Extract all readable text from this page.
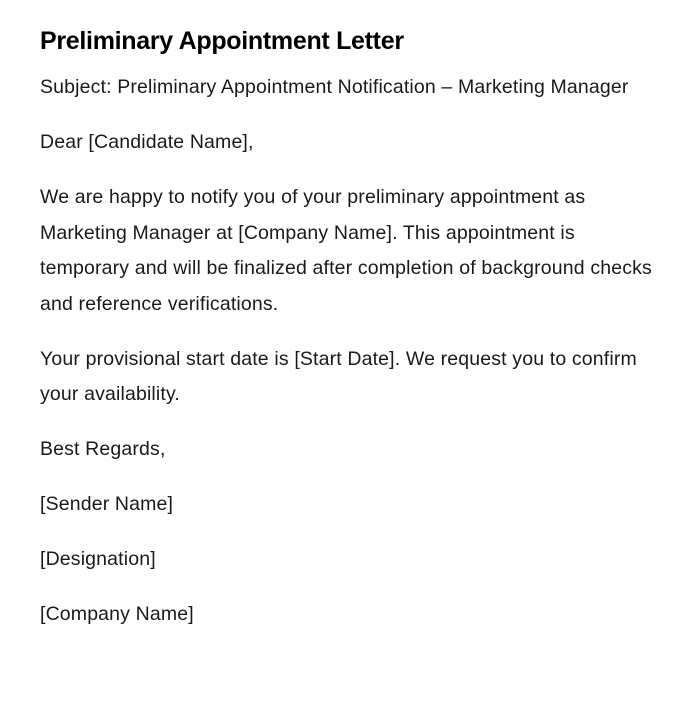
Preliminary Appointment Letter

Subject: Preliminary Appointment Notification – Marketing Manager

Dear [Candidate Name],

We are happy to notify you of your preliminary appointment as Marketing Manager at [Company Name]. This appointment is temporary and will be finalized after completion of background checks and reference verifications.

Your provisional start date is [Start Date]. We request you to confirm your availability.

Best Regards,

[Sender Name]

[Designation]

[Company Name]
